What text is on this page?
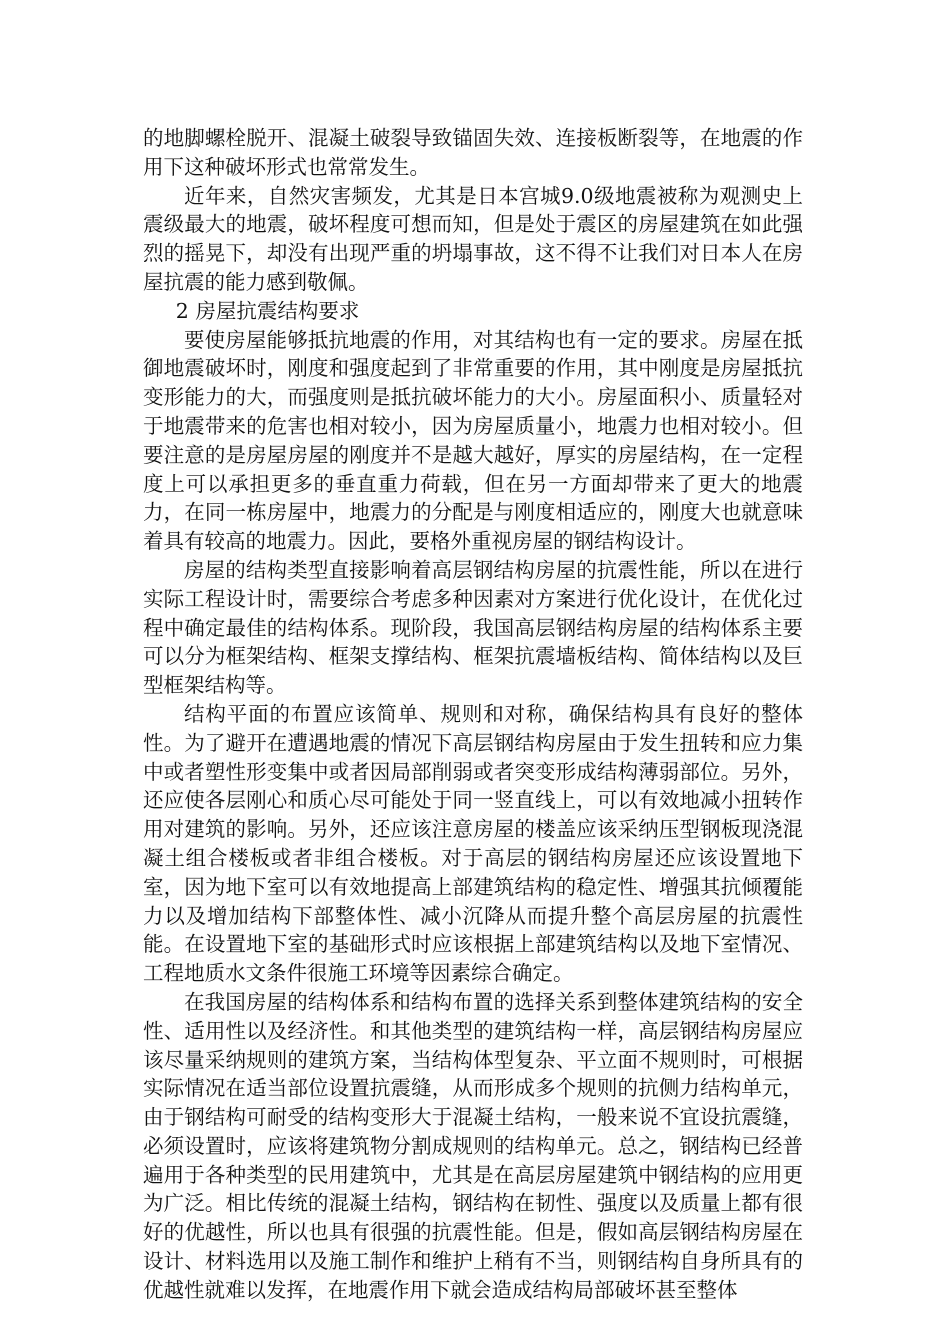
的地脚螺栓脱开、混凝土破裂导致锚固失效、连接板断裂等，在地震的作用下这种破坏形式也常常发生。

近年来，自然灾害频发，尤其是日本宫城9.0级地震被称为观测史上震级最大的地震，破坏程度可想而知，但是处于震区的房屋建筑在如此强烈的摇晃下，却没有出现严重的坍塌事故，这不得不让我们对日本人在房屋抗震的能力感到敬佩。

2 房屋抗震结构要求

要使房屋能够抵抗地震的作用，对其结构也有一定的要求。房屋在抵御地震破坏时，刚度和强度起到了非常重要的作用，其中刚度是房屋抵抗变形能力的大，而强度则是抵抗破坏能力的大小。房屋面积小、质量轻对于地震带来的危害也相对较小，因为房屋质量小，地震力也相对较小。但要注意的是房屋房屋的刚度并不是越大越好，厚实的房屋结构，在一定程度上可以承担更多的垂直重力荷载，但在另一方面却带来了更大的地震力，在同一栋房屋中，地震力的分配是与刚度相适应的，刚度大也就意味着具有较高的地震力。因此，要格外重视房屋的钢结构设计。

房屋的结构类型直接影响着高层钢结构房屋的抗震性能，所以在进行实际工程设计时，需要综合考虑多种因素对方案进行优化设计，在优化过程中确定最佳的结构体系。现阶段，我国高层钢结构房屋的结构体系主要可以分为框架结构、框架支撑结构、框架抗震墙板结构、简体结构以及巨型框架结构等。

结构平面的布置应该简单、规则和对称，确保结构具有良好的整体性。为了避开在遭遇地震的情况下高层钢结构房屋由于发生扭转和应力集中或者塑性形变集中或者因局部削弱或者突变形成结构薄弱部位。另外，还应使各层刚心和质心尽可能处于同一竖直线上，可以有效地减小扭转作用对建筑的影响。另外，还应该注意房屋的楼盖应该采纳压型钢板现浇混凝土组合楼板或者非组合楼板。对于高层的钢结构房屋还应该设置地下室，因为地下室可以有效地提高上部建筑结构的稳定性、增强其抗倾覆能力以及增加结构下部整体性、减小沉降从而提升整个高层房屋的抗震性能。在设置地下室的基础形式时应该根据上部建筑结构以及地下室情况、工程地质水文条件很施工环境等因素综合确定。

在我国房屋的结构体系和结构布置的选择关系到整体建筑结构的安全性、适用性以及经济性。和其他类型的建筑结构一样，高层钢结构房屋应该尽量采纳规则的建筑方案，当结构体型复杂、平立面不规则时，可根据实际情况在适当部位设置抗震缝，从而形成多个规则的抗侧力结构单元，由于钢结构可耐受的结构变形大于混凝土结构，一般来说不宜设抗震缝，必须设置时，应该将建筑物分割成规则的结构单元。总之，钢结构已经普遍用于各种类型的民用建筑中，尤其是在高层房屋建筑中钢结构的应用更为广泛。相比传统的混凝土结构，钢结构在韧性、强度以及质量上都有很好的优越性，所以也具有很强的抗震性能。但是，假如高层钢结构房屋在设计、材料选用以及施工制作和维护上稍有不当，则钢结构自身所具有的优越性就难以发挥，在地震作用下就会造成结构局部破坏甚至整体
